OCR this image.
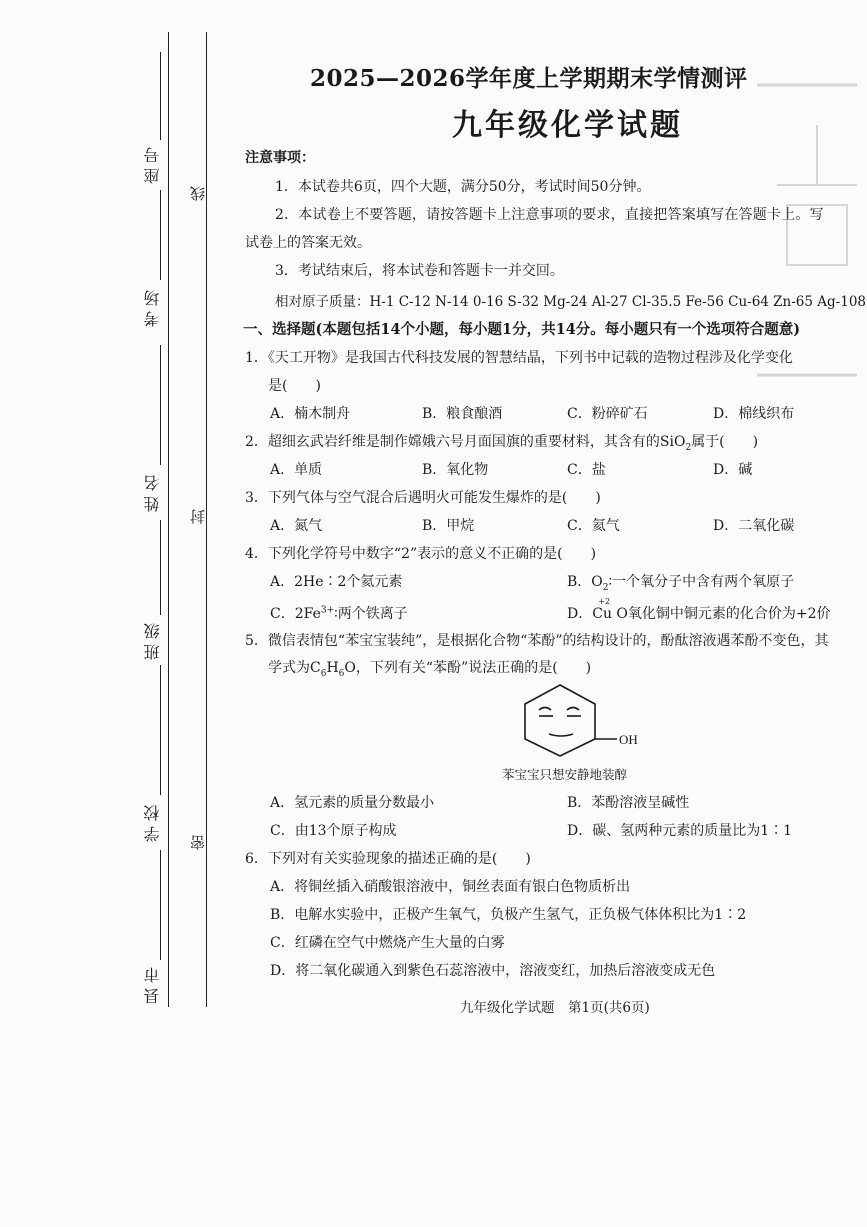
座号
考场
姓名
班级
学校
县市
线
封
密
2025—2026学年度上学期期末学情测评
九年级化学试题
注意事项：
1．本试卷共6页，四个大题，满分50分，考试时间50分钟。
2．本试卷上不要答题，请按答题卡上注意事项的要求，直接把答案填写在答题卡上。写
试卷上的答案无效。
3．考试结束后，将本试卷和答题卡一并交回。
相对原子质量：H-1 C-12 N-14 0-16 S-32 Mg-24 Al-27 Cl-35.5 Fe-56 Cu-64 Zn-65 Ag-108
一、选择题(本题包括14个小题，每小题1分，共14分。每小题只有一个选项符合题意)
1．《天工开物》是我国古代科技发展的智慧结晶，下列书中记载的造物过程涉及化学变化
是(　　)
A．楠木制舟	B．粮食酿酒	C．粉碎矿石	D．棉线织布
2．超细玄武岩纤维是制作嫦娥六号月面国旗的重要材料，其含有的SiO$_2$属于(　　)
A．单质	B．氧化物	C．盐	D．碱
3．下列气体与空气混合后遇明火可能发生爆炸的是(　　)
A．氮气	B．甲烷	C．氦气	D．二氧化碳
4．下列化学符号中数字“2”表示的意义不正确的是(　　)
A．2He∶2个氦元素	B．$O_2∶$一个氧分子中含有两个氧原子
C．$2Fe^{3+}∶$两个铁离子	D．
+2
Cu O氧化铜中铜元素的化合价为+2价
5．微信表情包“苯宝宝装纯”，是根据化合物“苯酚”的结构设计的，酚酞溶液遇苯酚不变色，其
学式为$C_6H_6O$，下列有关“苯酚”说法正确的是(　　)
OH
苯宝宝只想安静地装醇
A．氢元素的质量分数最小	B．苯酚溶液呈碱性
C．由13个原子构成	D．碳、氢两种元素的质量比为1∶1
6．下列对有关实验现象的描述正确的是(　　)
A．将铜丝插入硝酸银溶液中，铜丝表面有银白色物质析出
B．电解水实验中，正极产生氧气，负极产生氢气，正负极气体体积比为1∶2
C．红磷在空气中燃烧产生大量的白雾
D．将二氧化碳通入到紫色石蕊溶液中，溶液变红，加热后溶液变成无色
九年级化学试题　第1页(共6页)
